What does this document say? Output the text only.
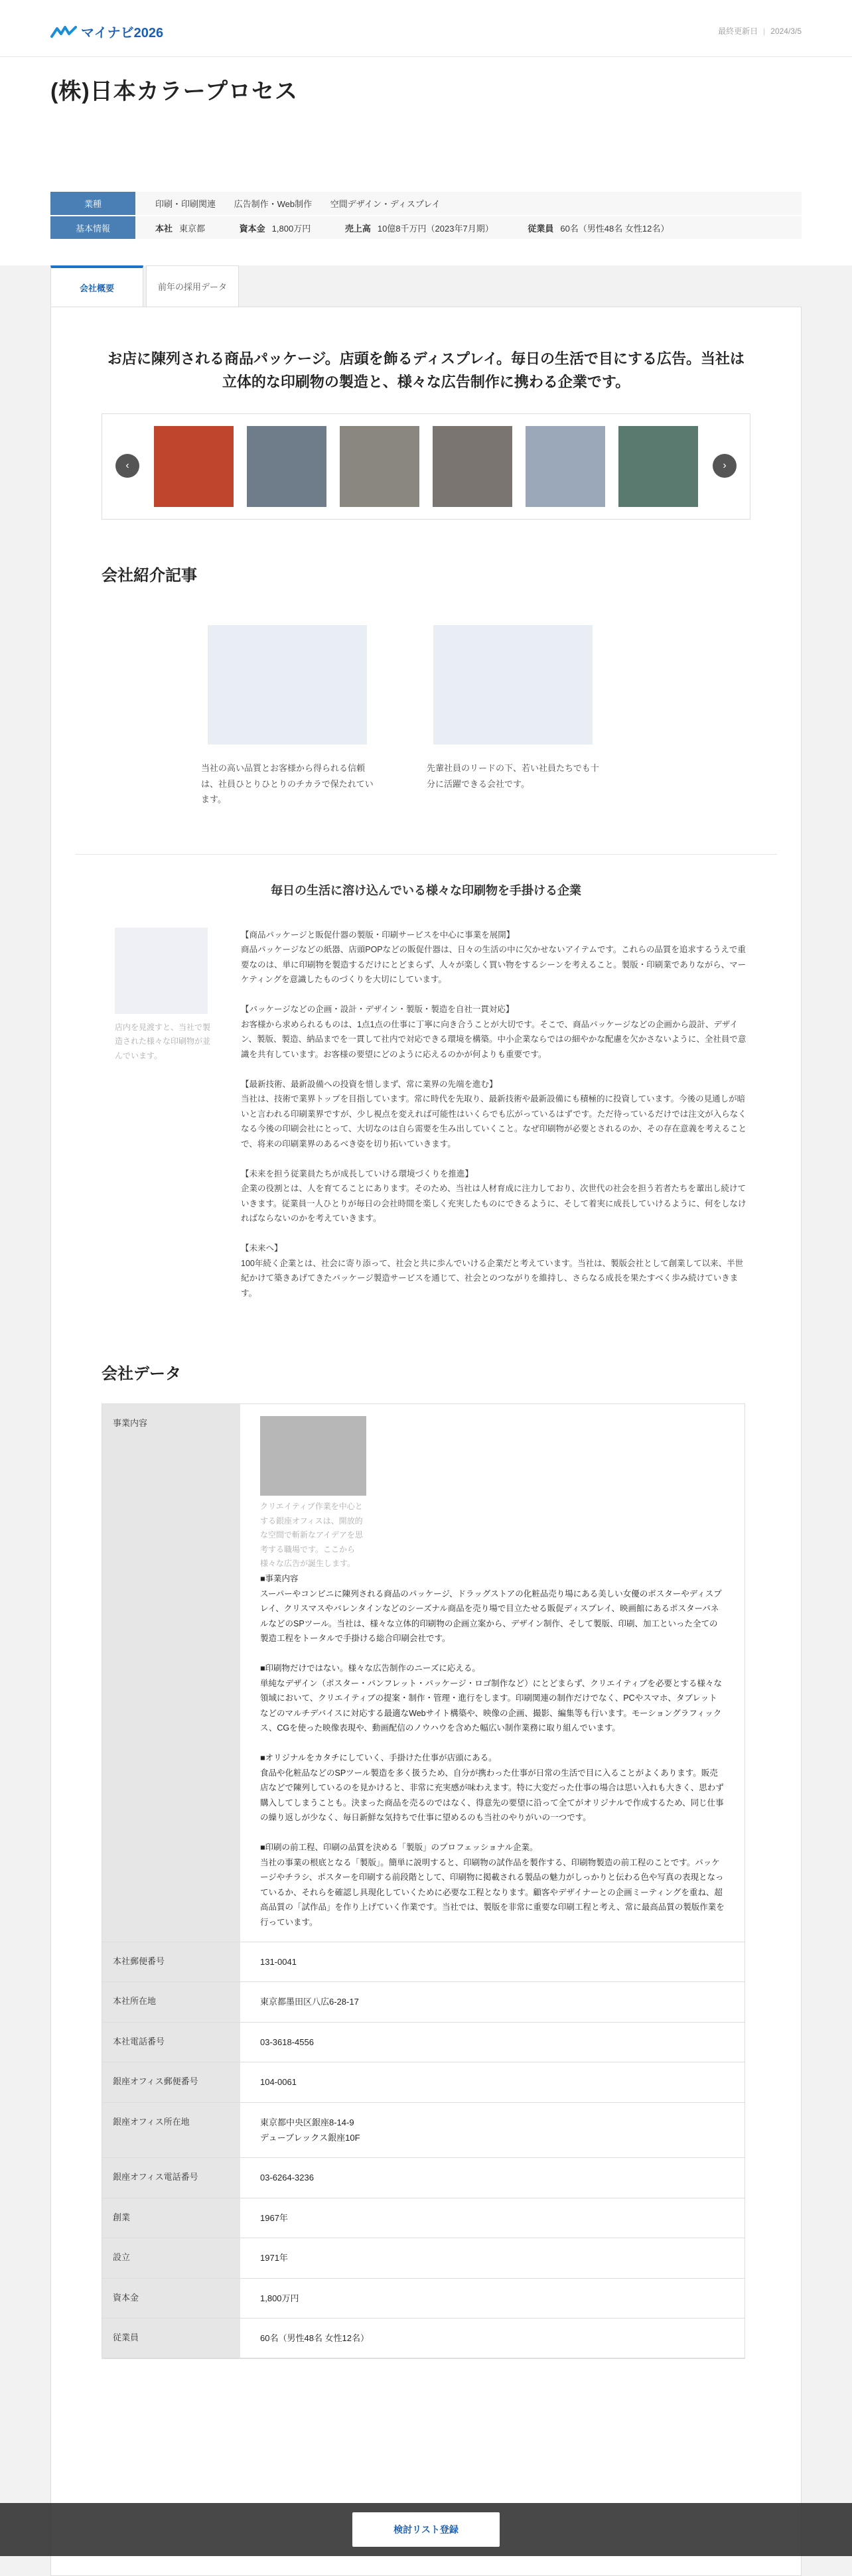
マイナビ2026	最終更新日 | 2024/3/5
(株)日本カラープロセス
業種	印刷・印刷関連 広告制作・Web制作 空間デザイン・ディスプレイ
基本情報	本社 東京都 資本金 1,800万円 売上高 10億8千万円（2023年7月期） 従業員 60名（男性48名 女性12名）
会社概要	前年の採用データ

お店に陳列される商品パッケージ。店頭を飾るディスプレイ。毎日の生活で目にする広告。当社は立体的な印刷物の製造と、様々な広告制作に携わる企業です。

‹	›
会社紹介記事

当社の高い品質とお客様から得られる信頼は、社員ひとりひとりのチカラで保たれています。

先輩社員のリードの下、若い社員たちでも十分に活躍できる会社です。

毎日の生活に溶け込んでいる様々な印刷物を手掛ける企業

店内を見渡すと、当社で製造された様々な印刷物が並んでいます。

【商品パッケージと販促什器の製版・印刷サービスを中心に事業を展開】
商品パッケージなどの紙器、店頭POPなどの販促什器は、日々の生活の中に欠かせないアイテムです。これらの品質を追求するうえで重要なのは、単に印刷物を製造するだけにとどまらず、人々が楽しく買い物をするシーンを考えること。製版・印刷業でありながら、マーケティングを意識したものづくりを大切にしています。

【パッケージなどの企画・設計・デザイン・製版・製造を自社一貫対応】
お客様から求められるものは、1点1点の仕事に丁寧に向き合うことが大切です。そこで、商品パッケージなどの企画から設計、デザイン、製版、製造、納品までを一貫して社内で対応できる環境を構築。中小企業ならではの細やかな配慮を欠かさないように、全社員で意識を共有しています。お客様の要望にどのように応えるのかが何よりも重要です。

【最新技術、最新設備への投資を惜しまず、常に業界の先端を進む】
当社は、技術で業界トップを目指しています。常に時代を先取り、最新技術や最新設備にも積極的に投資しています。今後の見通しが暗いと言われる印刷業界ですが、少し視点を変えれば可能性はいくらでも広がっているはずです。ただ待っているだけでは注文が入らなくなる今後の印刷会社にとって、大切なのは自ら需要を生み出していくこと。なぜ印刷物が必要とされるのか、その存在意義を考えることで、将来の印刷業界のあるべき姿を切り拓いていきます。

【未来を担う従業員たちが成長していける環境づくりを推進】
企業の役割とは、人を育てることにあります。そのため、当社は人材育成に注力しており、次世代の社会を担う若者たちを輩出し続けていきます。従業員一人ひとりが毎日の会社時間を楽しく充実したものにできるように、そして着実に成長していけるように、何をしなければならないのかを考えていきます。

【未来へ】
100年続く企業とは、社会に寄り添って、社会と共に歩んでいける企業だと考えています。当社は、製版会社として創業して以来、半世紀かけて築きあげてきたパッケージ製造サービスを通じて、社会とのつながりを維持し、さらなる成長を果たすべく歩み続けていきます。
会社データ
事業内容
クリエイティブ作業を中心とする銀座オフィスは、開放的な空間で斬新なアイデアを思考する職場です。ここから様々な広告が誕生します。
■事業内容
スーパーやコンビニに陳列される商品のパッケージ、ドラッグストアの化粧品売り場にある美しい女優のポスターやディスプレイ、クリスマスやバレンタインなどのシーズナル商品を売り場で目立たせる販促ディスプレイ、映画館にあるポスターパネルなどのSPツール。当社は、様々な立体的印刷物の企画立案から、デザイン制作、そして製版、印刷、加工といった全ての製造工程をトータルで手掛ける総合印刷会社です。

■印刷物だけではない。様々な広告制作のニーズに応える。
単純なデザイン（ポスター・パンフレット・パッケージ・ロゴ制作など）にとどまらず、クリエイティブを必要とする様々な領域において、クリエイティブの提案・制作・管理・進行をします。印刷関連の制作だけでなく、PCやスマホ、タブレットなどのマルチデバイスに対応する最適なWebサイト構築や、映像の企画、撮影、編集等も行います。モーショングラフィックス、CGを使った映像表現や、動画配信のノウハウを含めた幅広い制作業務に取り組んでいます。

■オリジナルをカタチにしていく、手掛けた仕事が店頭にある。
食品や化粧品などのSPツール製造を多く扱うため、自分が携わった仕事が日常の生活で目に入ることがよくあります。販売店などで陳列しているのを見かけると、非常に充実感が味わえます。特に大変だった仕事の場合は思い入れも大きく、思わず購入してしまうことも。決まった商品を売るのではなく、得意先の要望に沿って全てがオリジナルで作成するため、同じ仕事の繰り返しが少なく、毎日新鮮な気持ちで仕事に望めるのも当社のやりがいの一つです。

■印刷の前工程、印刷の品質を決める「製版」のプロフェッショナル企業。
当社の事業の根底となる「製版」。簡単に説明すると、印刷物の試作品を製作する、印刷物製造の前工程のことです。パッケージやチラシ、ポスターを印刷する前段階として、印刷物に掲載される製品の魅力がしっかりと伝わる色や写真の表現となっているか、それらを確認し具現化していくために必要な工程となります。顧客やデザイナーとの企画ミーティングを重ね、超高品質の「試作品」を作り上げていく作業です。当社では、製版を非常に重要な印刷工程と考え、常に最高品質の製版作業を行っています。
本社郵便番号	131-0041
本社所在地	東京都墨田区八広6-28-17
本社電話番号	03-3618-4556
銀座オフィス郵便番号	104-0061
銀座オフィス所在地	東京都中央区銀座8-14-9
デューブレックス銀座10F
銀座オフィス電話番号	03-6264-3236
創業	1967年
設立	1971年
資本金	1,800万円
従業員	60名（男性48名 女性12名）
検討リスト登録
